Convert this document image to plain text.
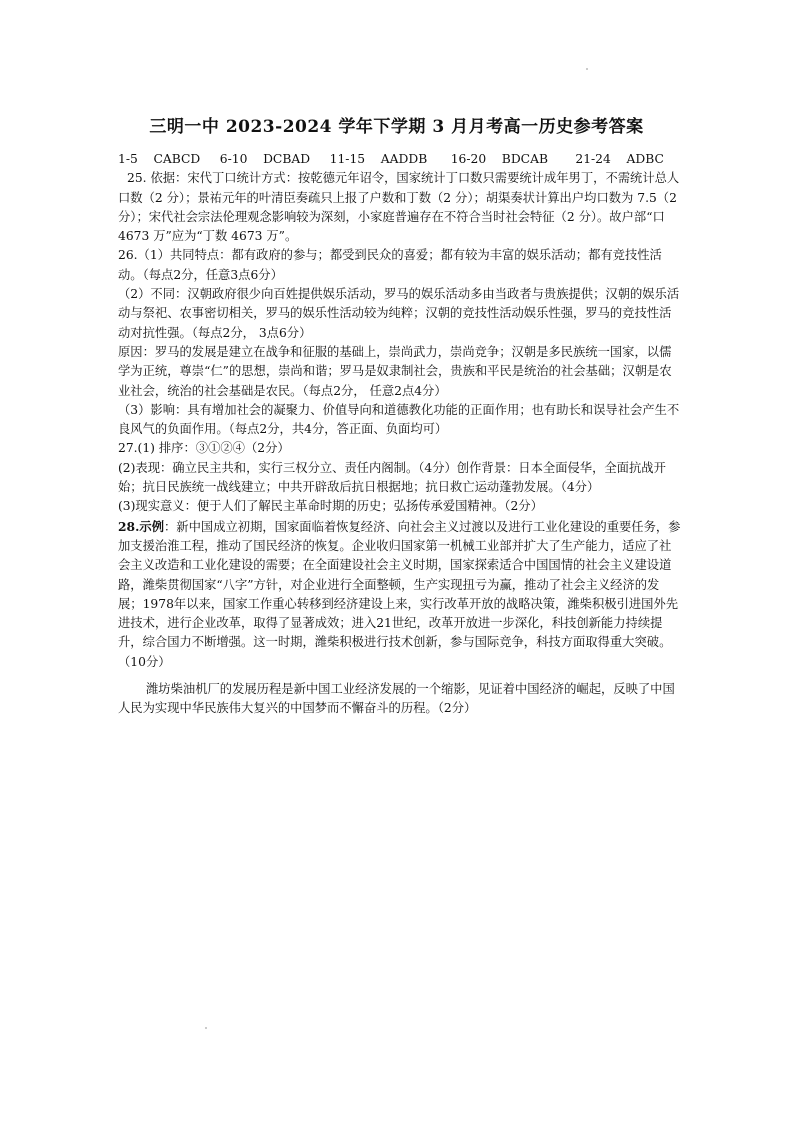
三明一中 2023-2024 学年下学期 3 月月考高一历史参考答案

1-5    CABCD     6-10    DCBAD     11-15    AADDB      16-20    BDCAB       21-24    ADBC

25. 依据：宋代丁口统计方式：按乾德元年诏令，国家统计丁口数只需要统计成年男丁，不需统计总人口数（2 分）；景祐元年的叶清臣奏疏只上报了户数和丁数（2 分）；胡渠奏状计算出户均口数为 7.5（2 分）；宋代社会宗法伦理观念影响较为深刻，小家庭普遍存在不符合当时社会特征（2 分）。故户部“口 4673 万”应为“丁数 4673 万”。

26.（1）共同特点：都有政府的参与；都受到民众的喜爱；都有较为丰富的娱乐活动；都有竞技性活动。（每点2分，任意3点6分）

（2）不同：汉朝政府很少向百姓提供娱乐活动，罗马的娱乐活动多由当政者与贵族提供；汉朝的娱乐活动与祭祀、农事密切相关，罗马的娱乐性活动较为纯粹；汉朝的竞技性活动娱乐性强，罗马的竞技性活动对抗性强。（每点2分， 3点6分）

原因：罗马的发展是建立在战争和征服的基础上，崇尚武力，崇尚竞争；汉朝是多民族统一国家，以儒学为正统，尊崇“仁”的思想，崇尚和谐；罗马是奴隶制社会，贵族和平民是统治的社会基础；汉朝是农业社会，统治的社会基础是农民。（每点2分， 任意2点4分）

（3）影响：具有增加社会的凝聚力、价值导向和道德教化功能的正面作用；也有助长和误导社会产生不良风气的负面作用。（每点2分，共4分，答正面、负面均可）

27.(1) 排序：③①②④（2分）

(2)表现：确立民主共和，实行三权分立、责任内阁制。（4分）创作背景：日本全面侵华，全面抗战开始；抗日民族统一战线建立；中共开辟敌后抗日根据地；抗日救亡运动蓬勃发展。（4分）

(3)现实意义：便于人们了解民主革命时期的历史；弘扬传承爱国精神。（2分）

28.示例：新中国成立初期，国家面临着恢复经济、向社会主义过渡以及进行工业化建设的重要任务，参加支援治淮工程，推动了国民经济的恢复。企业收归国家第一机械工业部并扩大了生产能力，适应了社会主义改造和工业化建设的需要；在全面建设社会主义时期，国家探索适合中国国情的社会主义建设道路，潍柴贯彻国家“八字”方针，对企业进行全面整顿，生产实现扭亏为赢，推动了社会主义经济的发展；1978年以来，国家工作重心转移到经济建设上来，实行改革开放的战略决策，潍柴积极引进国外先进技术，进行企业改革，取得了显著成效；进入21世纪，改革开放进一步深化，科技创新能力持续提升，综合国力不断增强。这一时期，潍柴积极进行技术创新，参与国际竞争，科技方面取得重大突破。（10分）

潍坊柴油机厂的发展历程是新中国工业经济发展的一个缩影，见证着中国经济的崛起，反映了中国人民为实现中华民族伟大复兴的中国梦而不懈奋斗的历程。（2分）
